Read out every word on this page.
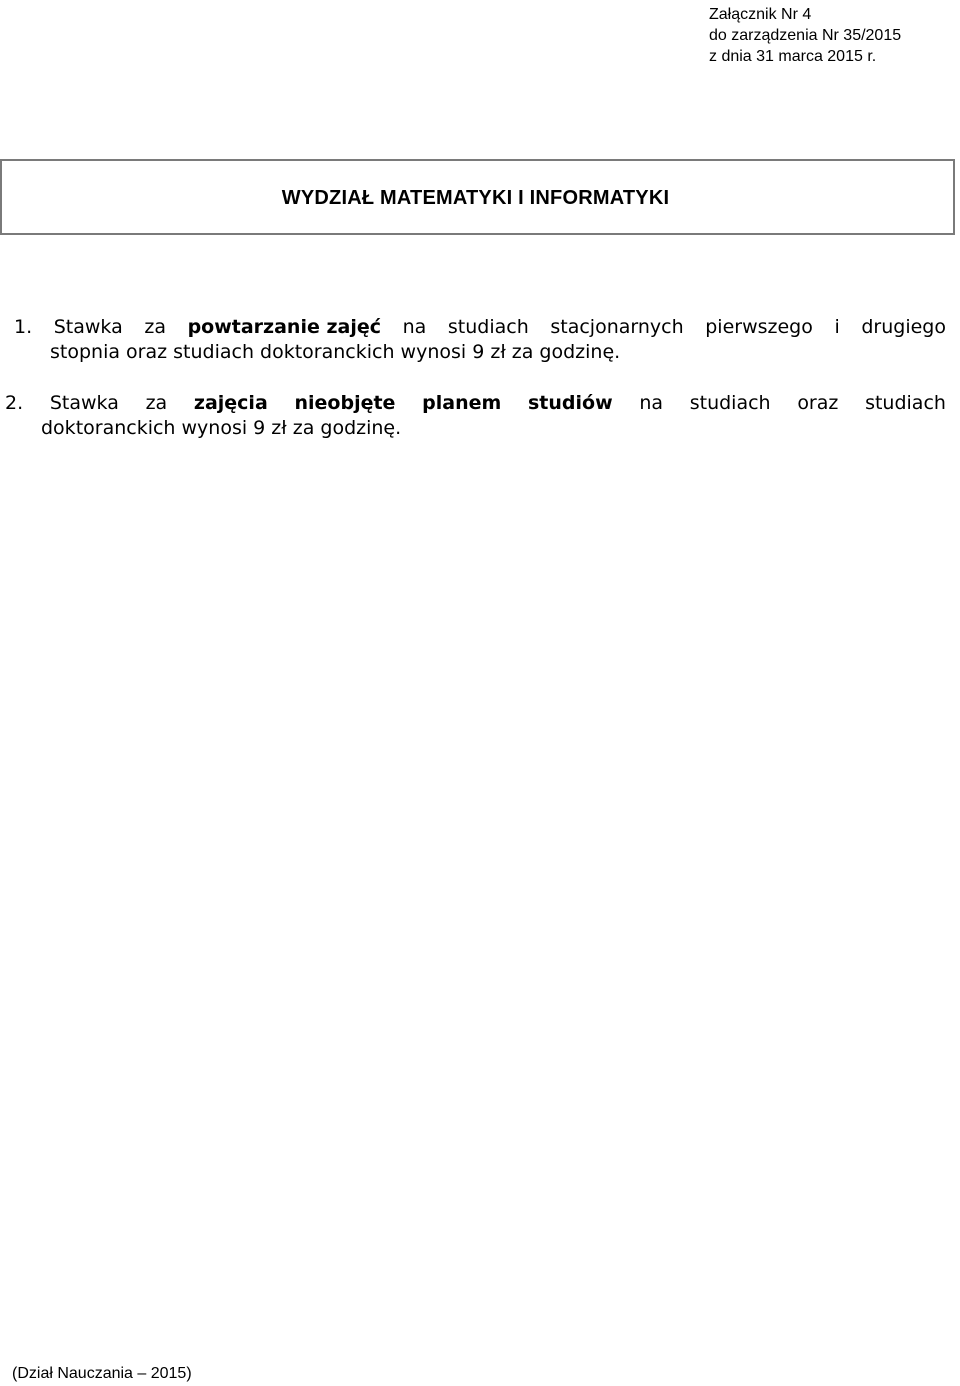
Załącznik Nr 4
do zarządzenia Nr 35/2015
z dnia 31 marca 2015 r.
WYDZIAŁ MATEMATYKI I INFORMATYKI
1. Stawka za powtarzanie zajęć na studiach stacjonarnych pierwszego i drugiego
stopnia oraz studiach doktoranckich wynosi 9 zł za godzinę.
2. Stawka za zajęcia nieobjęte planem studiów na studiach oraz studiach
doktoranckich wynosi 9 zł za godzinę.
(Dział Nauczania – 2015)
